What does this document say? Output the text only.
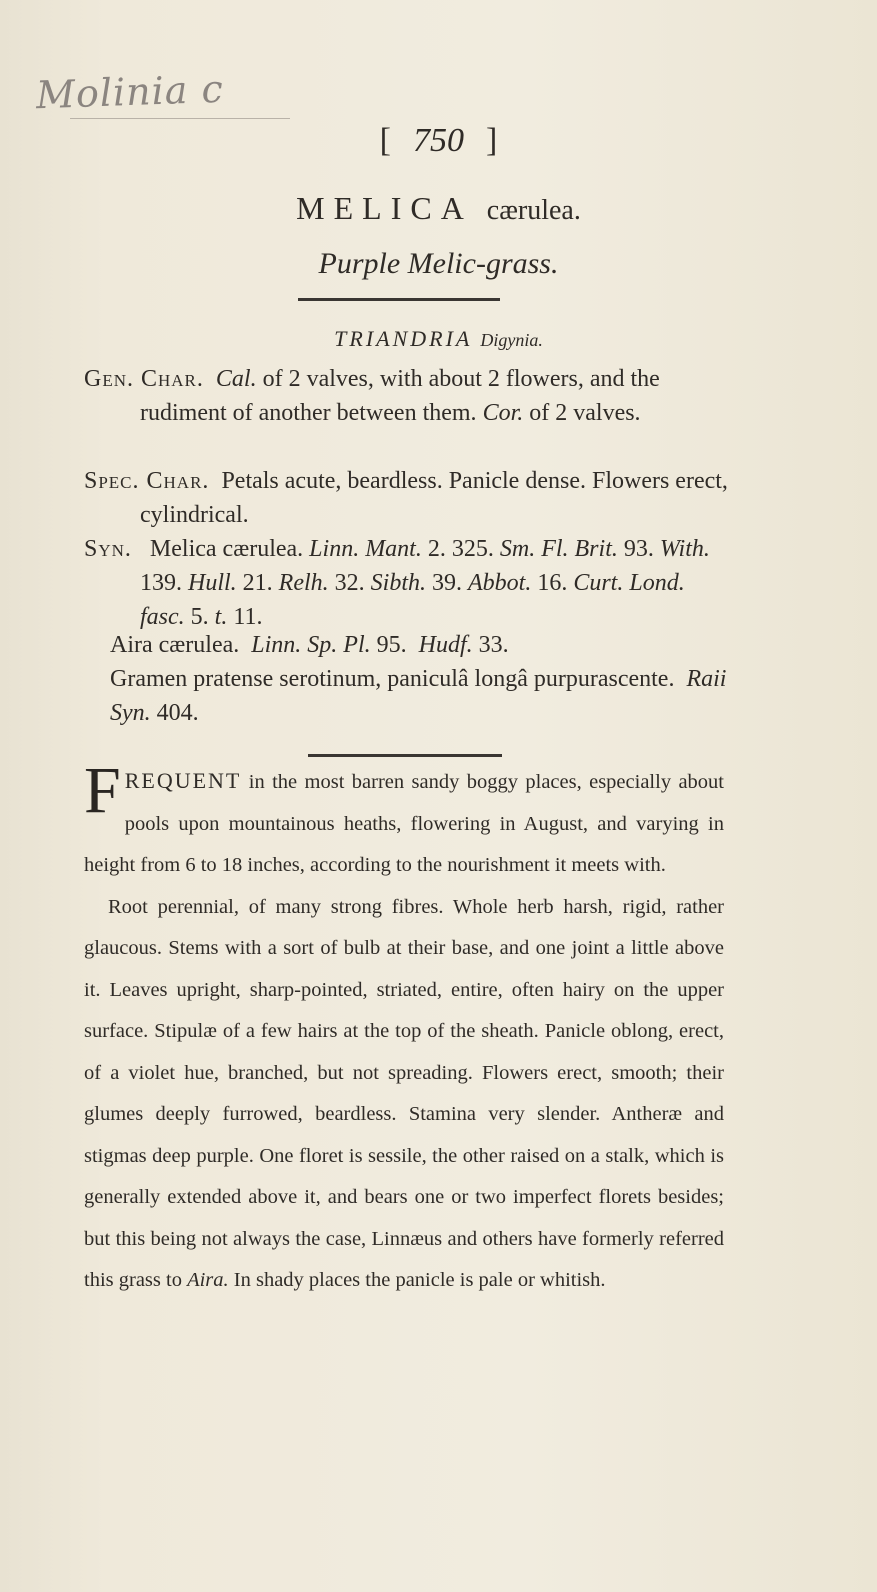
Molinia c
[ 750 ]
MELICA cærulea.
Purple Melic-grass.
TRIANDRIA Digynia.

Gen. Char. Cal. of 2 valves, with about 2 flowers, and the rudiment of another between them. Cor. of 2 valves.

Spec. Char. Petals acute, beardless. Panicle dense. Flowers erect, cylindrical.

Syn. Melica cærulea. Linn. Mant. 2. 325. Sm. Fl. Brit. 93. With. 139. Hull. 21. Relh. 32. Sibth. 39. Abbot. 16. Curt. Lond. fasc. 5. t. 11.

Aira cærulea. Linn. Sp. Pl. 95. Hudf. 33.

Gramen pratense serotinum, paniculâ longâ purpurascente. Raii Syn. 404.

F REQUENT in the most barren sandy boggy places, especially about pools upon mountainous heaths, flowering in August, and varying in height from 6 to 18 inches, according to the nourishment it meets with.

Root perennial, of many strong fibres. Whole herb harsh, rigid, rather glaucous. Stems with a sort of bulb at their base, and one joint a little above it. Leaves upright, sharp-pointed, striated, entire, often hairy on the upper surface. Stipulæ of a few hairs at the top of the sheath. Panicle oblong, erect, of a violet hue, branched, but not spreading. Flowers erect, smooth; their glumes deeply furrowed, beardless. Stamina very slender. Antheræ and stigmas deep purple. One floret is sessile, the other raised on a stalk, which is generally extended above it, and bears one or two imperfect florets besides; but this being not always the case, Linnæus and others have formerly referred this grass to Aira. In shady places the panicle is pale or whitish.
